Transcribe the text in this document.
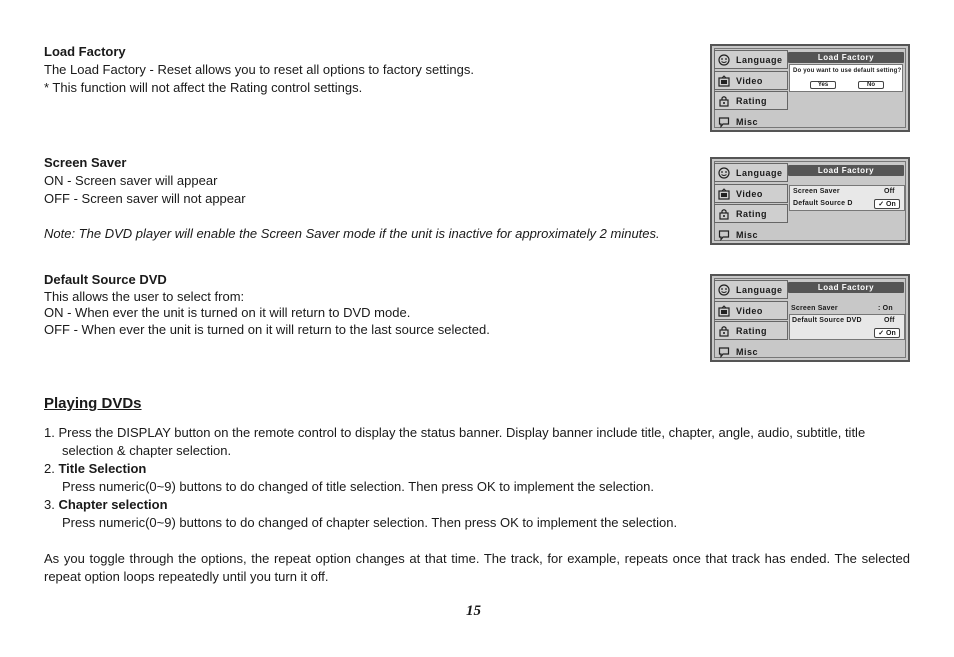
Load Factory
The Load Factory - Reset allows you to reset all options to factory settings.
* This function will not affect the Rating control settings.
Screen Saver
ON - Screen saver will appear
OFF - Screen saver will not appear
Note: The DVD player will enable the Screen Saver mode if the unit is inactive for approximately 2 minutes.
Default Source DVD
This allows the user to select from:
ON - When ever the unit is turned on it will return to DVD mode.
OFF - When ever the unit is turned on it will return to the last source selected.
Language
Video
Rating
Misc
Load Factory
Do you want to use default setting?
Yes	No
Language
Video
Rating
Misc
Load Factory
Screen Saver	Off
Default Source D	✓ On
Language
Video
Rating
Misc
Load Factory
Screen Saver	: On
Default Source DVD	Off
✓ On
Playing DVDs
1. Press the DISPLAY button on the remote control to display the status banner. Display banner include title, chapter, angle, audio, subtitle, title
selection & chapter selection.
2. Title Selection
Press numeric(0~9) buttons to do changed of title selection. Then press OK to implement the selection.
3. Chapter selection
Press numeric(0~9) buttons to do changed of chapter selection. Then press OK to implement the selection.
As you toggle through the options, the repeat option changes at that time. The track, for example, repeats once that track has ended. The selected repeat option loops repeatedly until you turn it off.
15
